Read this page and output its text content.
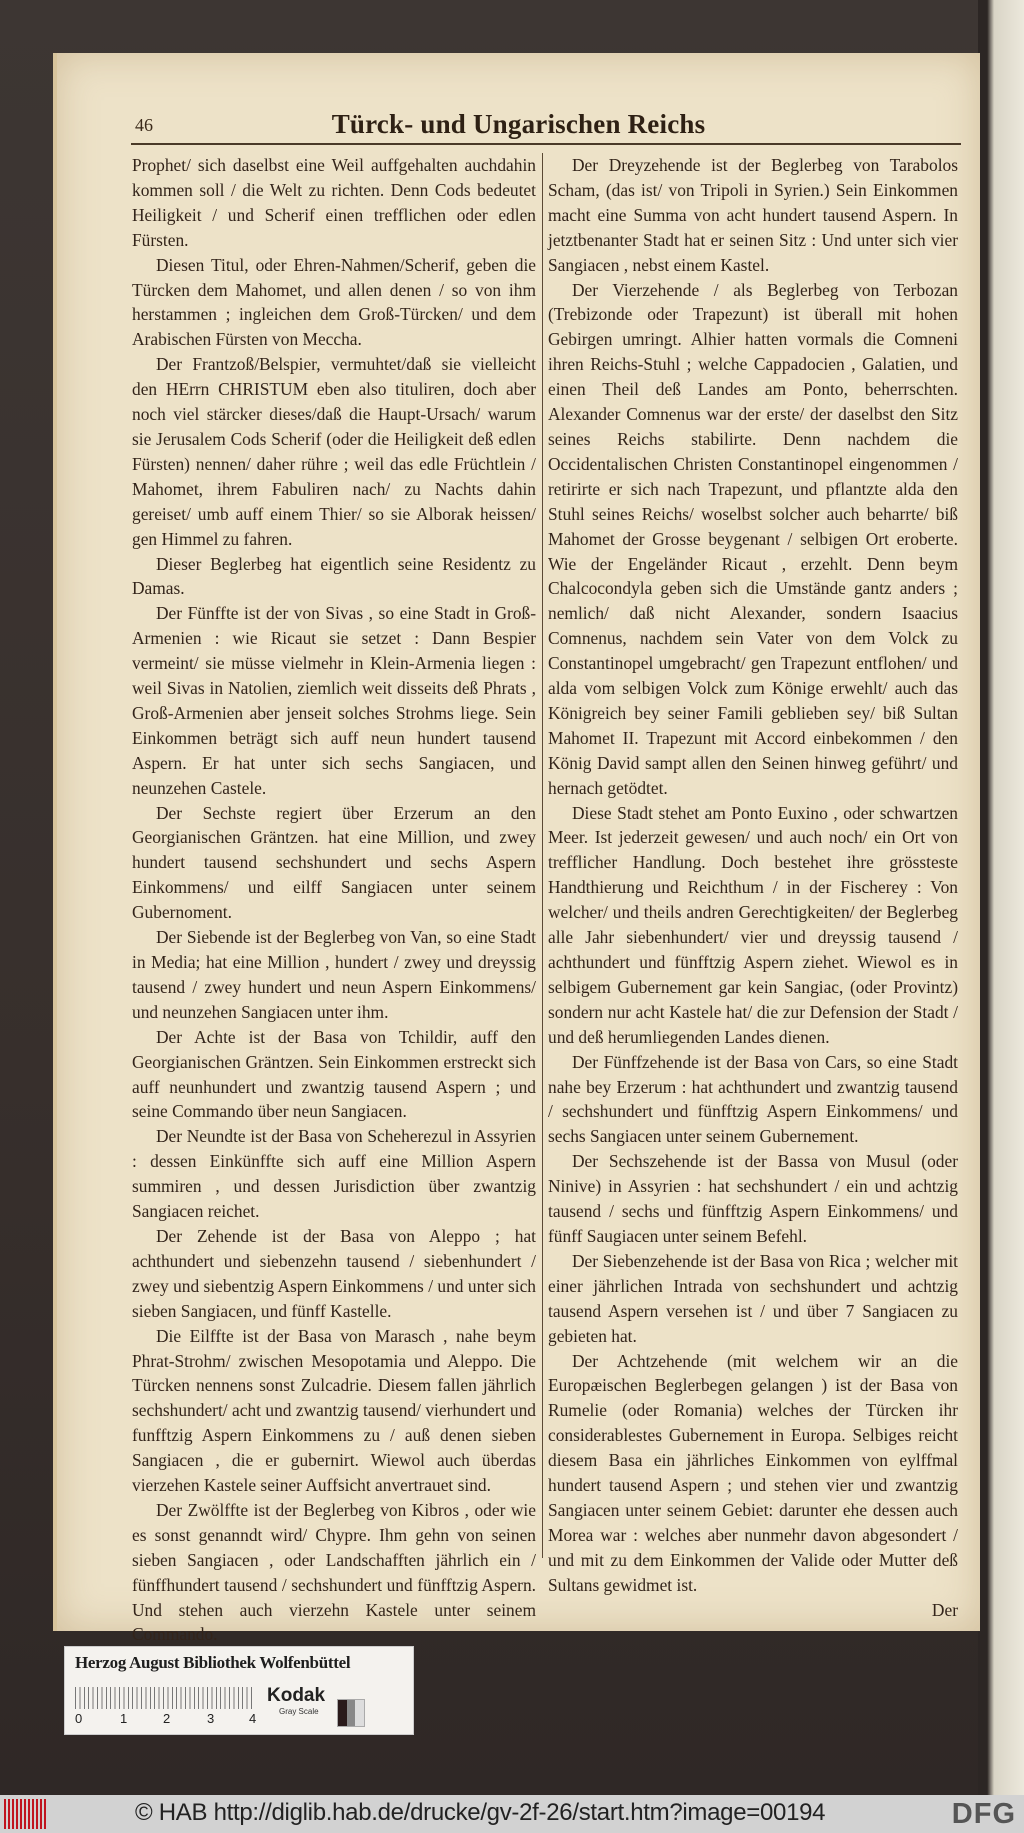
46	Türck- und Ungarischen Reichs

Prophet/ sich daselbst eine Weil auffgehalten auchdahin kommen soll / die Welt zu richten. Denn Cods bedeutet Heiligkeit / und Scherif einen trefflichen oder edlen Fürsten.

Diesen Titul, oder Ehren-Nahmen/Scherif, geben die Türcken dem Mahomet, und allen denen / so von ihm herstammen ; ingleichen dem Groß-Türcken/ und dem Arabischen Fürsten von Meccha.

Der Frantzoß/Belspier, vermuhtet/daß sie vielleicht den HErrn CHRISTUM eben also tituliren, doch aber noch viel stärcker dieses/daß die Haupt-Ursach/ warum sie Jerusalem Cods Scherif (oder die Heiligkeit deß edlen Fürsten) nennen/ daher rühre ; weil das edle Früchtlein / Mahomet, ihrem Fabuliren nach/ zu Nachts dahin gereiset/ umb auff einem Thier/ so sie Alborak heissen/ gen Himmel zu fahren.

Dieser Beglerbeg hat eigentlich seine Residentz zu Damas.

Der Fünffte ist der von Sivas , so eine Stadt in Groß-Armenien : wie Ricaut sie setzet : Dann Bespier vermeint/ sie müsse vielmehr in Klein-Armenia liegen : weil Sivas in Natolien, ziemlich weit disseits deß Phrats , Groß-Armenien aber jenseit solches Strohms liege. Sein Einkommen beträgt sich auff neun hundert tausend Aspern. Er hat unter sich sechs Sangiacen, und neunzehen Castele.

Der Sechste regiert über Erzerum an den Georgianischen Gräntzen. hat eine Million, und zwey hundert tausend sechshundert und sechs Aspern Einkommens/ und eilff Sangiacen unter seinem Gubernoment.

Der Siebende ist der Beglerbeg von Van, so eine Stadt in Media; hat eine Million , hundert / zwey und dreyssig tausend / zwey hundert und neun Aspern Einkommens/ und neunzehen Sangiacen unter ihm.

Der Achte ist der Basa von Tchildir, auff den Georgianischen Gräntzen. Sein Einkommen erstreckt sich auff neunhundert und zwantzig tausend Aspern ; und seine Commando über neun Sangiacen.

Der Neundte ist der Basa von Scheherezul in Assyrien : dessen Einkünffte sich auff eine Million Aspern summiren , und dessen Jurisdiction über zwantzig Sangiacen reichet.

Der Zehende ist der Basa von Aleppo ; hat achthundert und siebenzehn tausend / siebenhundert / zwey und siebentzig Aspern Einkommens / und unter sich sieben Sangiacen, und fünff Kastelle.

Die Eilffte ist der Basa von Marasch , nahe beym Phrat-Strohm/ zwischen Mesopotamia und Aleppo. Die Türcken nennens sonst Zulcadrie. Diesem fallen jährlich sechshundert/ acht und zwantzig tausend/ vierhundert und funfftzig Aspern Einkommens zu / auß denen sieben Sangiacen , die er gubernirt. Wiewol auch überdas vierzehen Kastele seiner Auffsicht anvertrauet sind.

Der Zwölffte ist der Beglerbeg von Kibros , oder wie es sonst genanndt wird/ Chypre. Ihm gehn von seinen sieben Sangiacen , oder Landschafften jährlich ein / fünffhundert tausend / sechshundert und fünfftzig Aspern. Und stehen auch vierzehn Kastele unter seinem Commando.

Der Dreyzehende ist der Beglerbeg von Tarabolos Scham, (das ist/ von Tripoli in Syrien.) Sein Einkommen macht eine Summa von acht hundert tausend Aspern. In jetztbenanter Stadt hat er seinen Sitz : Und unter sich vier Sangiacen , nebst einem Kastel.

Der Vierzehende / als Beglerbeg von Terbozan (Trebizonde oder Trapezunt) ist überall mit hohen Gebirgen umringt. Alhier hatten vormals die Comneni ihren Reichs-Stuhl ; welche Cappadocien , Galatien, und einen Theil deß Landes am Ponto, beherrschten. Alexander Comnenus war der erste/ der daselbst den Sitz seines Reichs stabilirte. Denn nachdem die Occidentalischen Christen Constantinopel eingenommen / retirirte er sich nach Trapezunt, und pflantzte alda den Stuhl seines Reichs/ woselbst solcher auch beharrte/ biß Mahomet der Grosse beygenant / selbigen Ort eroberte. Wie der Engeländer Ricaut , erzehlt. Denn beym Chalcocondyla geben sich die Umstände gantz anders ; nemlich/ daß nicht Alexander, sondern Isaacius Comnenus, nachdem sein Vater von dem Volck zu Constantinopel umgebracht/ gen Trapezunt entflohen/ und alda vom selbigen Volck zum Könige erwehlt/ auch das Königreich bey seiner Famili geblieben sey/ biß Sultan Mahomet II. Trapezunt mit Accord einbekommen / den König David sampt allen den Seinen hinweg geführt/ und hernach getödtet.

Diese Stadt stehet am Ponto Euxino , oder schwartzen Meer. Ist jederzeit gewesen/ und auch noch/ ein Ort von trefflicher Handlung. Doch bestehet ihre grössteste Handthierung und Reichthum / in der Fischerey : Von welcher/ und theils andren Gerechtigkeiten/ der Beglerbeg alle Jahr siebenhundert/ vier und dreyssig tausend / achthundert und fünfftzig Aspern ziehet. Wiewol es in selbigem Gubernement gar kein Sangiac, (oder Provintz) sondern nur acht Kastele hat/ die zur Defension der Stadt / und deß herumliegenden Landes dienen.

Der Fünffzehende ist der Basa von Cars, so eine Stadt nahe bey Erzerum : hat achthundert und zwantzig tausend / sechshundert und fünfftzig Aspern Einkommens/ und sechs Sangiacen unter seinem Gubernement.

Der Sechszehende ist der Bassa von Musul (oder Ninive) in Assyrien : hat sechshundert / ein und achtzig tausend / sechs und fünfftzig Aspern Einkommens/ und fünff Saugiacen unter seinem Befehl.

Der Siebenzehende ist der Basa von Rica ; welcher mit einer jährlichen Intrada von sechshundert und achtzig tausend Aspern versehen ist / und über 7 Sangiacen zu gebieten hat.

Der Achtzehende (mit welchem wir an die Europæischen Beglerbegen gelangen ) ist der Basa von Rumelie (oder Romania) welches der Türcken ihr considerablestes Gubernement in Europa. Selbiges reicht diesem Basa ein jährliches Einkommen von eylffmal hundert tausend Aspern ; und stehen vier und zwantzig Sangiacen unter seinem Gebiet: darunter ehe dessen auch Morea war : welches aber nunmehr davon abgesondert / und mit zu dem Einkommen der Valide oder Mutter deß Sultans gewidmet ist.

Der
Herzog August Bibliothek Wolfenbüttel
0	1	2	3	4
Kodak
Gray Scale
© HAB http://diglib.hab.de/drucke/gv-2f-26/start.htm?image=00194	DFG
